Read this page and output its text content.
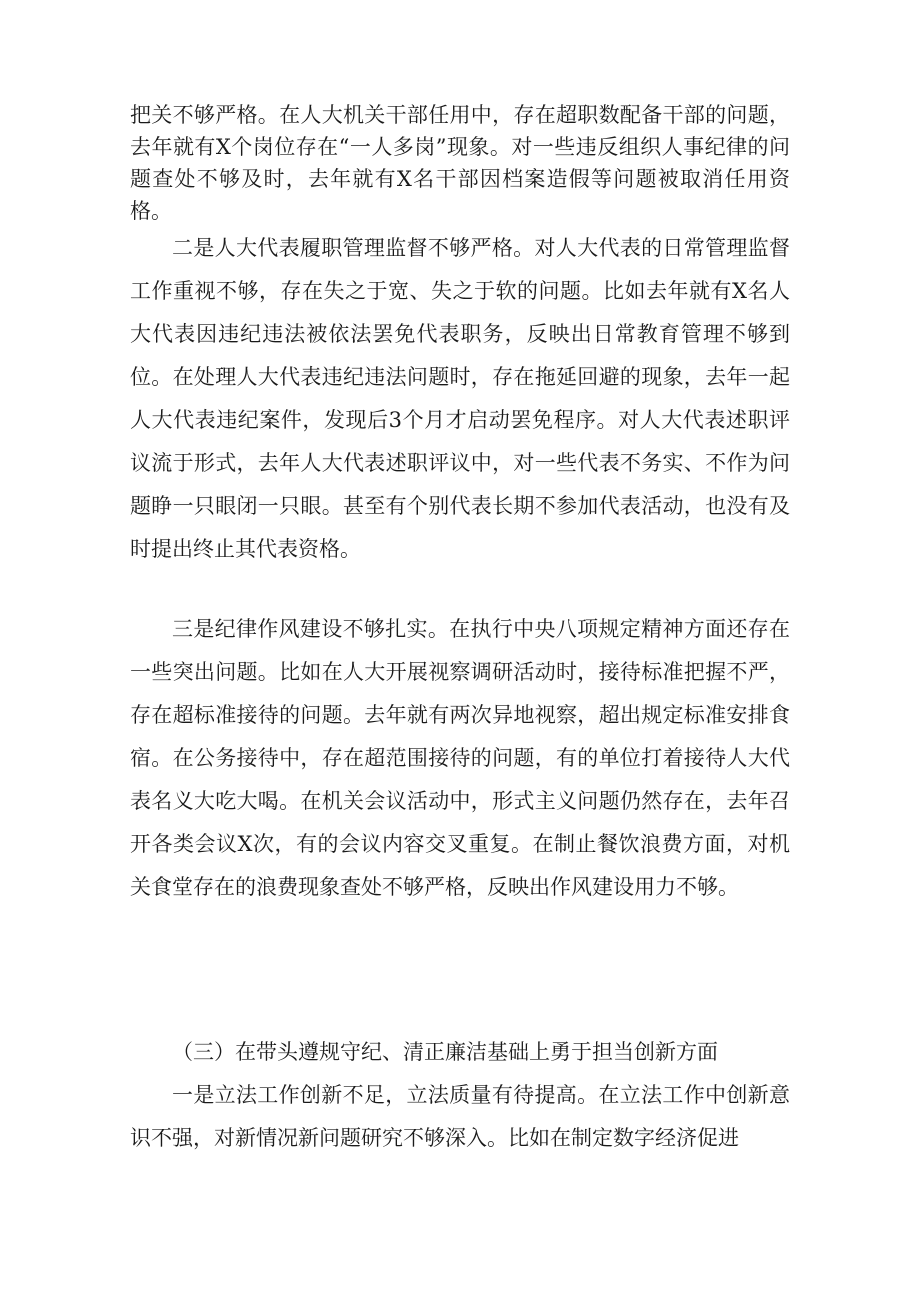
把关不够严格。在人大机关干部任用中，存在超职数配备干部的问题，去年就有X个岗位存在“一人多岗”现象。对一些违反组织人事纪律的问题查处不够及时，去年就有X名干部因档案造假等问题被取消任用资格。

二是人大代表履职管理监督不够严格。对人大代表的日常管理监督工作重视不够，存在失之于宽、失之于软的问题。比如去年就有X名人大代表因违纪违法被依法罢免代表职务，反映出日常教育管理不够到位。在处理人大代表违纪违法问题时，存在拖延回避的现象，去年一起人大代表违纪案件，发现后3个月才启动罢免程序。对人大代表述职评议流于形式，去年人大代表述职评议中，对一些代表不务实、不作为问题睁一只眼闭一只眼。甚至有个别代表长期不参加代表活动，也没有及时提出终止其代表资格。

三是纪律作风建设不够扎实。在执行中央八项规定精神方面还存在一些突出问题。比如在人大开展视察调研活动时，接待标准把握不严，存在超标准接待的问题。去年就有两次异地视察，超出规定标准安排食宿。在公务接待中，存在超范围接待的问题，有的单位打着接待人大代表名义大吃大喝。在机关会议活动中，形式主义问题仍然存在，去年召开各类会议X次，有的会议内容交叉重复。在制止餐饮浪费方面，对机关食堂存在的浪费现象查处不够严格，反映出作风建设用力不够。

（三）在带头遵规守纪、清正廉洁基础上勇于担当创新方面

一是立法工作创新不足，立法质量有待提高。在立法工作中创新意识不强，对新情况新问题研究不够深入。比如在制定数字经济促进
